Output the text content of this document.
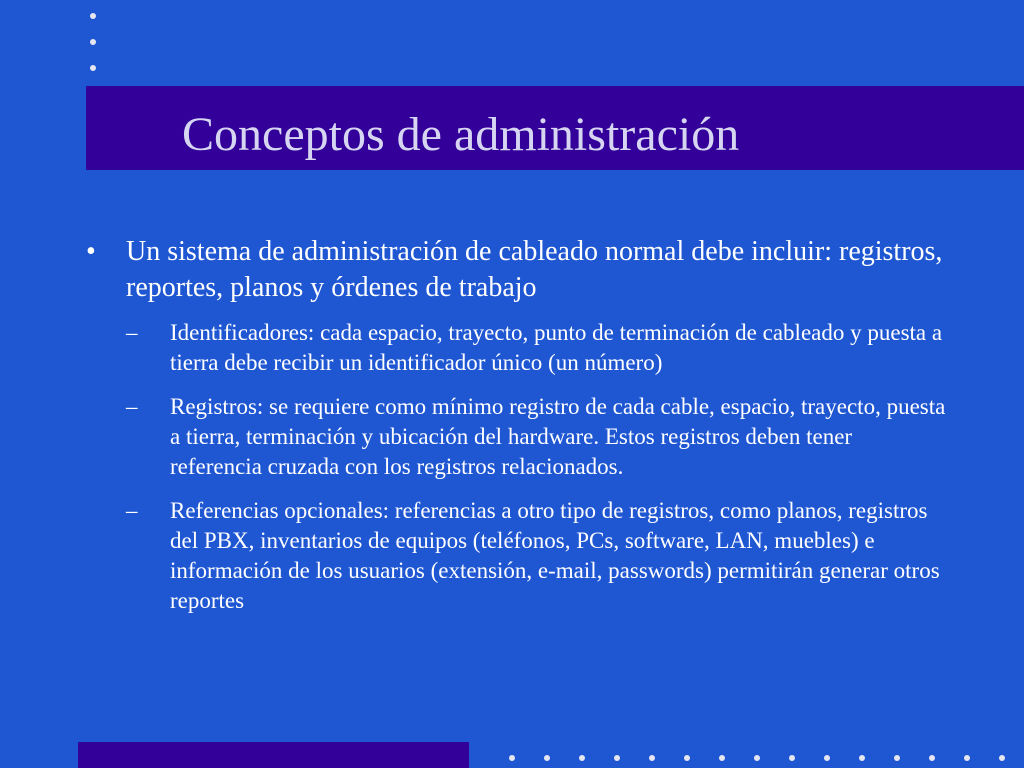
Conceptos de administración
• Un sistema de administración de cableado normal debe incluir: registros, reportes, planos y órdenes de trabajo
– Identificadores: cada espacio, trayecto, punto de terminación de cableado y puesta a tierra debe recibir un identificador único (un número)
– Registros: se requiere como mínimo registro de cada cable, espacio, trayecto, puesta a tierra, terminación y ubicación del hardware. Estos registros deben tener referencia cruzada con los registros relacionados.
– Referencias opcionales: referencias a otro tipo de registros, como planos, registros del PBX, inventarios de equipos (teléfonos, PCs, software, LAN, muebles) e información de los usuarios (extensión, e-mail, passwords) permitirán generar otros reportes
